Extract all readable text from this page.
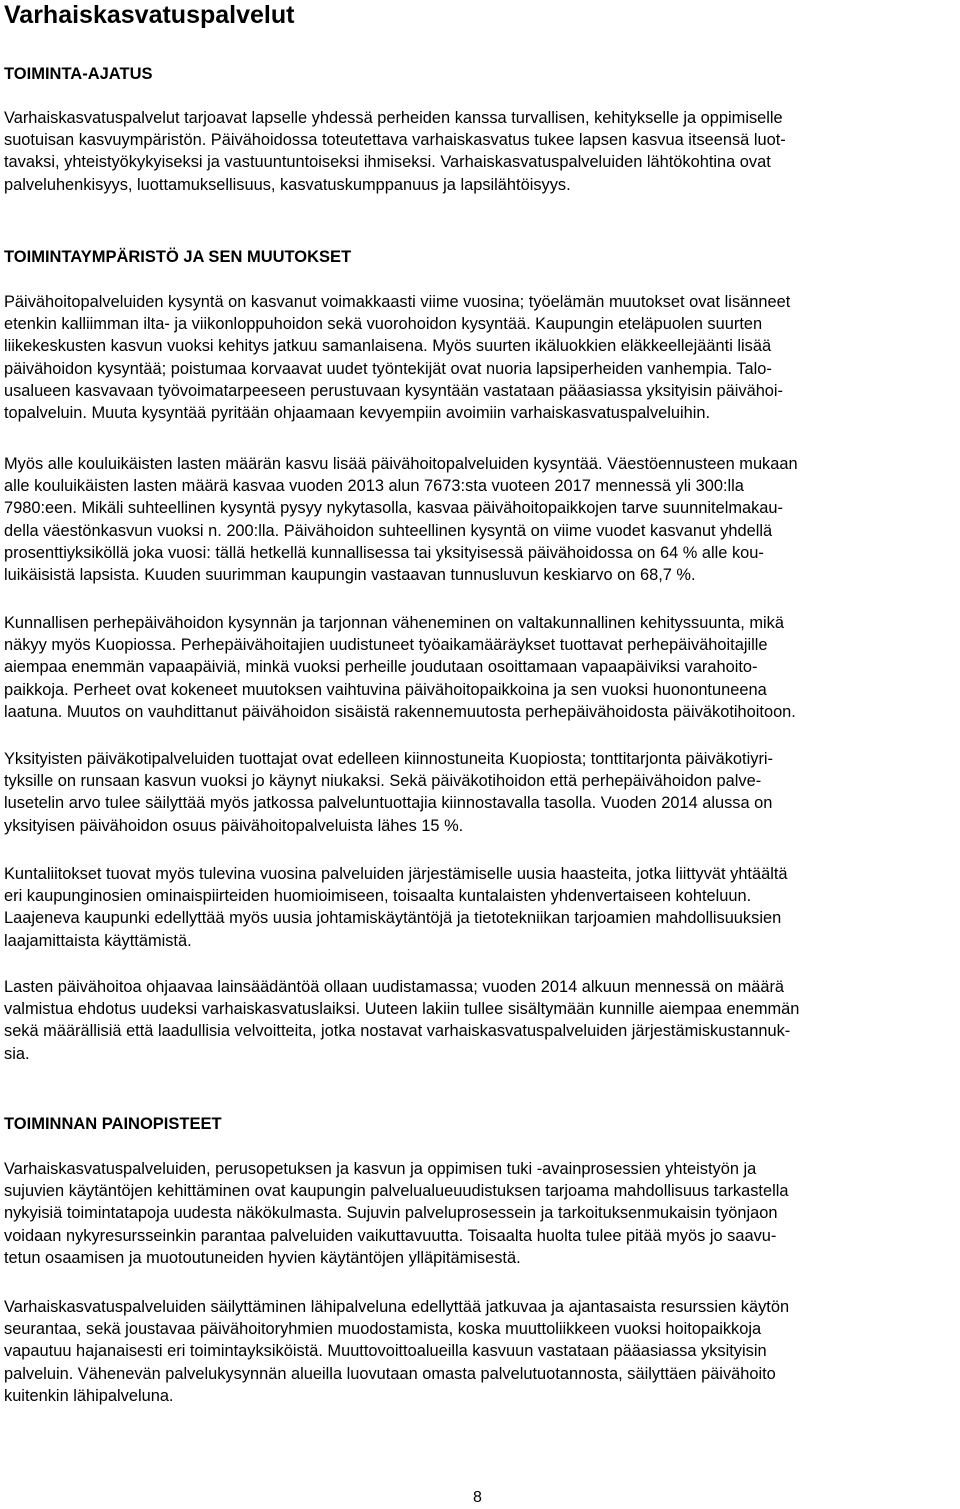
Varhaiskasvatuspalvelut
TOIMINTA-AJATUS
Varhaiskasvatuspalvelut tarjoavat lapselle yhdessä perheiden kanssa turvallisen, kehitykselle ja oppimiselle
suotuisan kasvuympäristön. Päivähoidossa toteutettava varhaiskasvatus tukee lapsen kasvua itseensä luot-
tavaksi, yhteistyökykyiseksi ja vastuuntuntoiseksi ihmiseksi. Varhaiskasvatuspalveluiden lähtökohtina ovat
palveluhenkisyys, luottamuksellisuus, kasvatuskumppanuus ja lapsilähtöisyys.
TOIMINTAYMPÄRISTÖ JA SEN MUUTOKSET
Päivähoitopalveluiden kysyntä on kasvanut voimakkaasti viime vuosina; työelämän muutokset ovat lisänneet
etenkin kalliimman ilta- ja viikonloppuhoidon sekä vuorohoidon kysyntää. Kaupungin eteläpuolen suurten
liikekeskusten kasvun vuoksi kehitys jatkuu samanlaisena. Myös suurten ikäluokkien eläkkeellejäänti lisää
päivähoidon kysyntää; poistumaa korvaavat uudet työntekijät ovat nuoria lapsiperheiden vanhempia. Talo-
usalueen kasvavaan työvoimatarpeeseen perustuvaan kysyntään vastataan pääasiassa yksityisin päivähoi-
topalveluin. Muuta kysyntää pyritään ohjaamaan kevyempiin avoimiin varhaiskasvatuspalveluihin.
Myös alle kouluikäisten lasten määrän kasvu lisää päivähoitopalveluiden kysyntää. Väestöennusteen mukaan
alle kouluikäisten lasten määrä kasvaa vuoden 2013 alun 7673:sta vuoteen 2017 mennessä yli 300:lla
7980:een. Mikäli suhteellinen kysyntä pysyy nykytasolla, kasvaa päivähoitopaikkojen tarve suunnitelmakau-
della väestönkasvun vuoksi n. 200:lla. Päivähoidon suhteellinen kysyntä on viime vuodet kasvanut yhdellä
prosenttiyksiköllä joka vuosi: tällä hetkellä kunnallisessa tai yksityisessä päivähoidossa on 64 % alle kou-
luikäisistä lapsista. Kuuden suurimman kaupungin vastaavan tunnusluvun keskiarvo on 68,7 %.
Kunnallisen perhepäivähoidon kysynnän ja tarjonnan väheneminen on valtakunnallinen kehityssuunta, mikä
näkyy myös Kuopiossa. Perhepäivähoitajien uudistuneet työaikamääräykset tuottavat perhepäivähoitajille
aiempaa enemmän vapaapäiviä, minkä vuoksi perheille joudutaan osoittamaan vapaapäiviksi varahoito-
paikkoja. Perheet ovat kokeneet muutoksen vaihtuvina päivähoitopaikkoina ja sen vuoksi huonontuneena
laatuna. Muutos on vauhdittanut päivähoidon sisäistä rakennemuutosta perhepäivähoidosta päiväkotihoitoon.
Yksityisten päiväkotipalveluiden tuottajat ovat edelleen kiinnostuneita Kuopiosta; tonttitarjonta päiväkotiyri-
tyksille on runsaan kasvun vuoksi jo käynyt niukaksi. Sekä päiväkotihoidon että perhepäivähoidon palve-
lusetelin arvo tulee säilyttää myös jatkossa palveluntuottajia kiinnostavalla tasolla. Vuoden 2014 alussa on
yksityisen päivähoidon osuus päivähoitopalveluista lähes 15 %.
Kuntaliitokset tuovat myös tulevina vuosina palveluiden järjestämiselle uusia haasteita, jotka liittyvät yhtäältä
eri kaupunginosien ominaispiirteiden huomioimiseen, toisaalta kuntalaisten yhdenvertaiseen kohteluun.
Laajeneva kaupunki edellyttää myös uusia johtamiskäytäntöjä ja tietotekniikan tarjoamien mahdollisuuksien
laajamittaista käyttämistä.
Lasten päivähoitoa ohjaavaa lainsäädäntöä ollaan uudistamassa; vuoden 2014 alkuun mennessä on määrä
valmistua ehdotus uudeksi varhaiskasvatuslaiksi. Uuteen lakiin tullee sisältymään kunnille aiempaa enemmän
sekä määrällisiä että laadullisia velvoitteita, jotka nostavat varhaiskasvatuspalveluiden järjestämiskustannuk-
sia.
TOIMINNAN PAINOPISTEET
Varhaiskasvatuspalveluiden, perusopetuksen ja kasvun ja oppimisen tuki -avainprosessien yhteistyön ja
sujuvien käytäntöjen kehittäminen ovat kaupungin palvelualueuudistuksen tarjoama mahdollisuus tarkastella
nykyisiä toimintatapoja uudesta näkökulmasta. Sujuvin palveluprosessein ja tarkoituksenmukaisin työnjaon
voidaan nykyresursseinkin parantaa palveluiden vaikuttavuutta. Toisaalta huolta tulee pitää myös jo saavu-
tetun osaamisen ja muotoutuneiden hyvien käytäntöjen ylläpitämisestä.
Varhaiskasvatuspalveluiden säilyttäminen lähipalveluna edellyttää jatkuvaa ja ajantasaista resurssien käytön
seurantaa, sekä joustavaa päivähoitoryhmien muodostamista, koska muuttoliikkeen vuoksi hoitopaikkoja
vapautuu hajanaisesti eri toimintayksiköistä. Muuttovoittoalueilla kasvuun vastataan pääasiassa yksityisin
palveluin. Vähenevän palvelukysynnän alueilla luovutaan omasta palvelutuotannosta, säilyttäen päivähoito
kuitenkin lähipalveluna.
8
